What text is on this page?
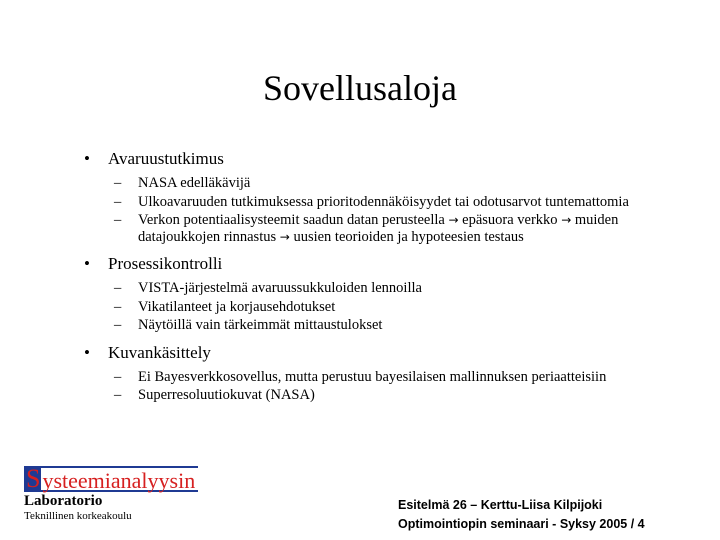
Sovellusaloja
• Avaruustutkimus
– NASA edelläkävijä
– Ulkoavaruuden tutkimuksessa prioritodennäköisyydet tai odotusarvot tuntemattomia
– Verkon potentiaalisysteemit saadun datan perusteella → epäsuora verkko → muiden datajoukkojen rinnastus → uusien teorioiden ja hypoteesien testaus
• Prosessikontrolli
– VISTA-järjestelmä avaruussukkuloiden lennoilla
– Vikatilanteet ja korjausehdotukset
– Näytöillä vain tärkeimmät mittaustulokset
• Kuvankäsittely
– Ei Bayesverkkosovellus, mutta perustuu bayesilaisen mallinnuksen periaatteisiin
– Superresoluutiokuvat (NASA)
S ysteemianalyysin
Laboratorio
Teknillinen korkeakoulu
Esitelmä 26 – Kerttu-Liisa Kilpijoki
Optimointiopin seminaari - Syksy 2005 / 4
